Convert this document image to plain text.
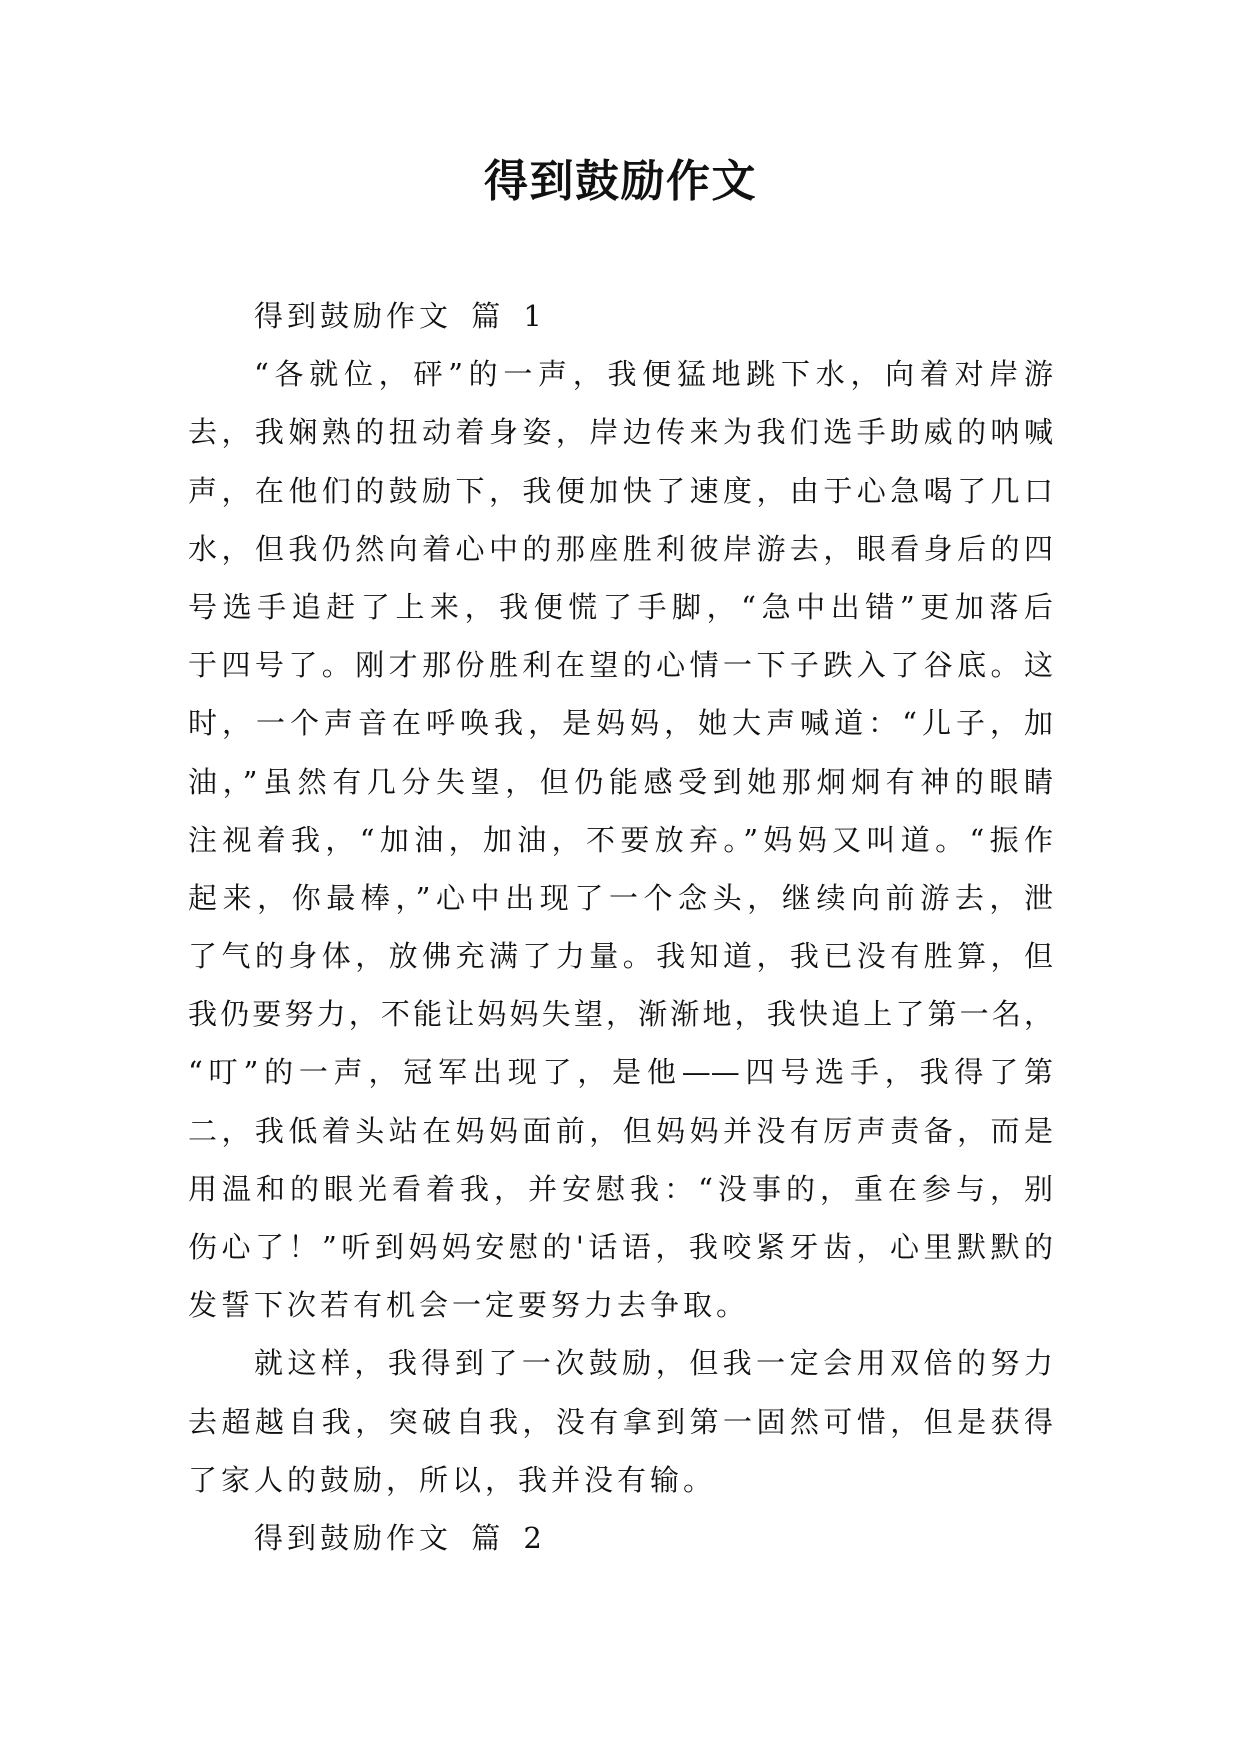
得到鼓励作文
得到鼓励作文 篇 1
“各就位，砰”的一声，我便猛地跳下水，向着对岸游
去，我娴熟的扭动着身姿，岸边传来为我们选手助威的呐喊
声，在他们的鼓励下，我便加快了速度，由于心急喝了几口
水，但我仍然向着心中的那座胜利彼岸游去，眼看身后的四
号选手追赶了上来，我便慌了手脚，“急中出错”更加落后
于四号了。刚才那份胜利在望的心情一下子跌入了谷底。这
时，一个声音在呼唤我，是妈妈，她大声喊道：“儿子，加
油，”虽然有几分失望，但仍能感受到她那炯炯有神的眼睛
注视着我，“加油，加油，不要放弃。”妈妈又叫道。“振作
起来，你最棒，”心中出现了一个念头，继续向前游去，泄
了气的身体，放佛充满了力量。我知道，我已没有胜算，但
我仍要努力，不能让妈妈失望，渐渐地，我快追上了第一名，
“叮”的一声，冠军出现了，是他——四号选手，我得了第
二，我低着头站在妈妈面前，但妈妈并没有厉声责备，而是
用温和的眼光看着我，并安慰我：“没事的，重在参与，别
伤心了！”听到妈妈安慰的'话语，我咬紧牙齿，心里默默的
发誓下次若有机会一定要努力去争取。
就这样，我得到了一次鼓励，但我一定会用双倍的努力
去超越自我，突破自我，没有拿到第一固然可惜，但是获得
了家人的鼓励，所以，我并没有输。
得到鼓励作文 篇 2
